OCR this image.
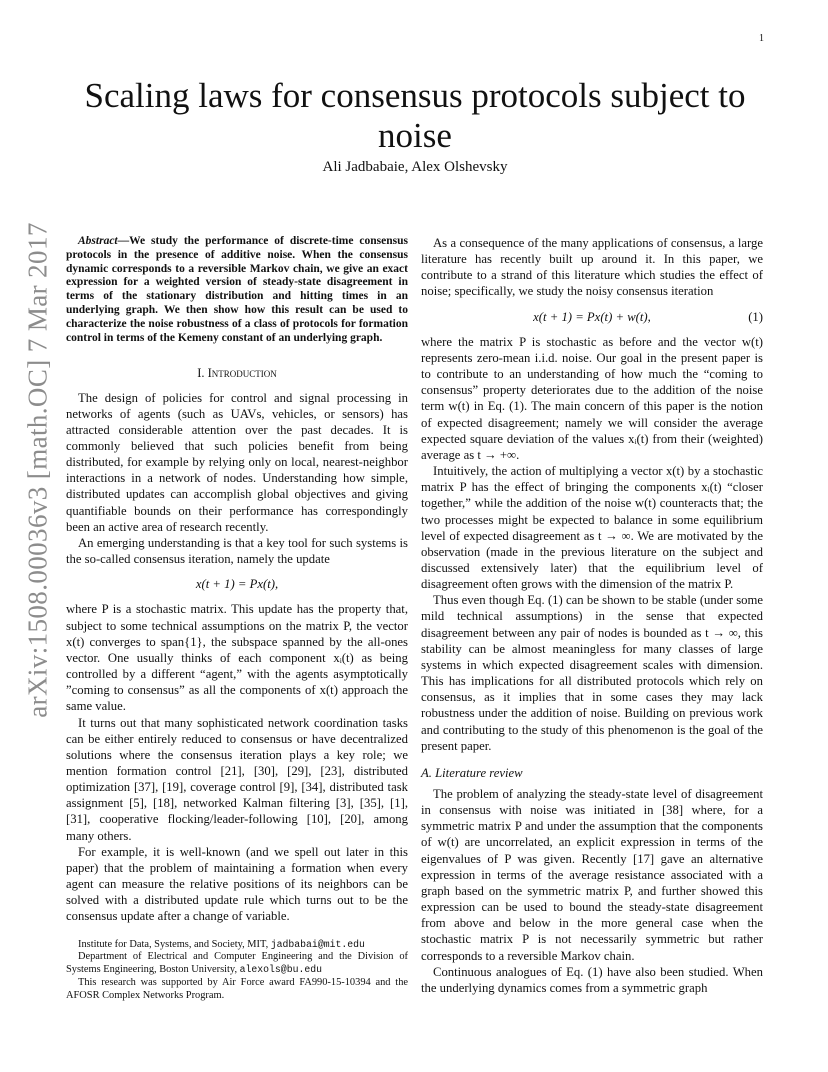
1
arXiv:1508.00036v3 [math.OC] 7 Mar 2017
Scaling laws for consensus protocols subject to noise
Ali Jadbabaie, Alex Olshevsky

Abstract—We study the performance of discrete-time consensus protocols in the presence of additive noise. When the consensus dynamic corresponds to a reversible Markov chain, we give an exact expression for a weighted version of steady-state disagreement in terms of the stationary distribution and hitting times in an underlying graph. We then show how this result can be used to characterize the noise robustness of a class of protocols for formation control in terms of the Kemeny constant of an underlying graph.

I. Introduction

The design of policies for control and signal processing in networks of agents (such as UAVs, vehicles, or sensors) has attracted considerable attention over the past decades. It is commonly believed that such policies benefit from being distributed, for example by relying only on local, nearest-neighbor interactions in a network of nodes. Understanding how simple, distributed updates can accomplish global objectives and giving quantifiable bounds on their performance has correspondingly been an active area of research recently.

An emerging understanding is that a key tool for such systems is the so-called consensus iteration, namely the update

x(t + 1) = Px(t),

where P is a stochastic matrix. This update has the property that, subject to some technical assumptions on the matrix P, the vector x(t) converges to span{1}, the subspace spanned by the all-ones vector. One usually thinks of each component xᵢ(t) as being controlled by a different “agent,” with the agents asymptotically ”coming to consensus” as all the components of x(t) approach the same value.

It turns out that many sophisticated network coordination tasks can be either entirely reduced to consensus or have decentralized solutions where the consensus iteration plays a key role; we mention formation control [21], [30], [29], [23], distributed optimization [37], [19], coverage control [9], [34], distributed task assignment [5], [18], networked Kalman filtering [3], [35], [1], [31], cooperative flocking/leader-following [10], [20], among many others.

For example, it is well-known (and we spell out later in this paper) that the problem of maintaining a formation when every agent can measure the relative positions of its neighbors can be solved with a distributed update rule which turns out to be the consensus update after a change of variable.

Institute for Data, Systems, and Society, MIT, jadbabai@mit.edu

Department of Electrical and Computer Engineering and the Division of Systems Engineering, Boston University, alexols@bu.edu

This research was supported by Air Force award FA990-15-10394 and the AFOSR Complex Networks Program.

As a consequence of the many applications of consensus, a large literature has recently built up around it. In this paper, we contribute to a strand of this literature which studies the effect of noise; specifically, we study the noisy consensus iteration

x(t + 1) = Px(t) + w(t),	(1)

where the matrix P is stochastic as before and the vector w(t) represents zero-mean i.i.d. noise. Our goal in the present paper is to contribute to an understanding of how much the “coming to consensus” property deteriorates due to the addition of the noise term w(t) in Eq. (1). The main concern of this paper is the notion of expected disagreement; namely we will consider the average expected square deviation of the values xᵢ(t) from their (weighted) average as t → +∞.

Intuitively, the action of multiplying a vector x(t) by a stochastic matrix P has the effect of bringing the components xᵢ(t) “closer together,” while the addition of the noise w(t) counteracts that; the two processes might be expected to balance in some equilibrium level of expected disagreement as t → ∞. We are motivated by the observation (made in the previous literature on the subject and discussed extensively later) that the equilibrium level of disagreement often grows with the dimension of the matrix P.

Thus even though Eq. (1) can be shown to be stable (under some mild technical assumptions) in the sense that expected disagreement between any pair of nodes is bounded as t → ∞, this stability can be almost meaningless for many classes of large systems in which expected disagreement scales with dimension. This has implications for all distributed protocols which rely on consensus, as it implies that in some cases they may lack robustness under the addition of noise. Building on previous work and contributing to the study of this phenomenon is the goal of the present paper.

A. Literature review

The problem of analyzing the steady-state level of disagreement in consensus with noise was initiated in [38] where, for a symmetric matrix P and under the assumption that the components of w(t) are uncorrelated, an explicit expression in terms of the eigenvalues of P was given. Recently [17] gave an alternative expression in terms of the average resistance associated with a graph based on the symmetric matrix P, and further showed this expression can be used to bound the steady-state disagreement from above and below in the more general case when the stochastic matrix P is not necessarily symmetric but rather corresponds to a reversible Markov chain.

Continuous analogues of Eq. (1) have also been studied. When the underlying dynamics comes from a symmetric graph
